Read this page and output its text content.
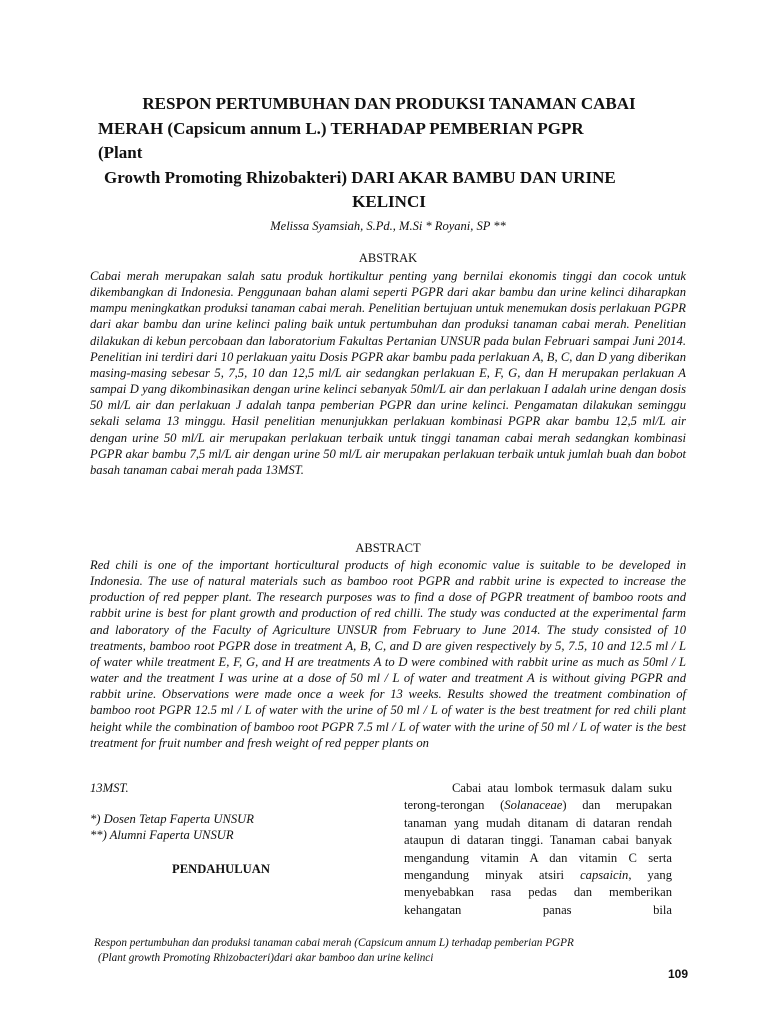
RESPON PERTUMBUHAN DAN PRODUKSI TANAMAN CABAI
MERAH (Capsicum annum L.) TERHADAP PEMBERIAN PGPR
(Plant
Growth Promoting Rhizobakteri) DARI AKAR BAMBU DAN URINE
KELINCI
Melissa Syamsiah, S.Pd., M.Si * Royani, SP **
ABSTRAK

Cabai merah merupakan salah satu produk hortikultur penting yang bernilai ekonomis tinggi dan cocok untuk dikembangkan di Indonesia. Penggunaan bahan alami seperti PGPR dari akar bambu dan urine kelinci diharapkan mampu meningkatkan produksi tanaman cabai merah. Penelitian bertujuan untuk menemukan dosis perlakuan PGPR dari akar bambu dan urine kelinci paling baik untuk pertumbuhan dan produksi tanaman cabai merah. Penelitian dilakukan di kebun percobaan dan laboratorium Fakultas Pertanian UNSUR pada bulan Februari sampai Juni 2014. Penelitian ini terdiri dari 10 perlakuan yaitu Dosis PGPR akar bambu pada perlakuan A, B, C, dan D yang diberikan masing-masing sebesar 5, 7,5, 10 dan 12,5 ml/L air sedangkan perlakuan E, F, G, dan H merupakan perlakuan A sampai D yang dikombinasikan dengan urine kelinci sebanyak 50ml/L air dan perlakuan I adalah urine dengan dosis 50 ml/L air dan perlakuan J adalah tanpa pemberian PGPR dan urine kelinci. Pengamatan dilakukan seminggu sekali selama 13 minggu. Hasil penelitian menunjukkan perlakuan kombinasi PGPR akar bambu 12,5 ml/L air dengan urine 50 ml/L air merupakan perlakuan terbaik untuk tinggi tanaman cabai merah sedangkan kombinasi PGPR akar bambu 7,5 ml/L air dengan urine 50 ml/L air merupakan perlakuan terbaik untuk jumlah buah dan bobot basah tanaman cabai merah pada 13MST.

ABSTRACT

Red chili is one of the important horticultural products of high economic value is suitable to be developed in Indonesia. The use of natural materials such as bamboo root PGPR and rabbit urine is expected to increase the production of red pepper plant. The research purposes was to find a dose of PGPR treatment of bamboo roots and rabbit urine is best for plant growth and production of red chilli. The study was conducted at the experimental farm and laboratory of the Faculty of Agriculture UNSUR from February to June 2014. The study consisted of 10 treatments, bamboo root PGPR dose in treatment A, B, C, and D are given respectively by 5, 7.5, 10 and 12.5 ml / L of water while treatment E, F, G, and H are treatments A to D were combined with rabbit urine as much as 50ml / L water and the treatment I was urine at a dose of 50 ml / L of water and treatment A is without giving PGPR and rabbit urine. Observations were made once a week for 13 weeks. Results showed the treatment combination of bamboo root PGPR 12.5 ml / L of water with the urine of 50 ml / L of water is the best treatment for red chili plant height while the combination of bamboo root PGPR 7.5 ml / L of water with the urine of 50 ml / L of water is the best treatment for fruit number and fresh weight of red pepper plants on

13MST.
*) Dosen Tetap Faperta UNSUR
**) Alumni Faperta UNSUR
PENDAHULUAN

Cabai atau lombok termasuk dalam suku terong-terongan (Solanaceae) dan merupakan tanaman yang mudah ditanam di dataran rendah ataupun di dataran tinggi. Tanaman cabai banyak mengandung vitamin A dan vitamin C serta mengandung minyak atsiri capsaicin, yang menyebabkan rasa pedas dan memberikan kehangatan panas bila

Respon pertumbuhan dan produksi tanaman cabai merah (Capsicum annum L) terhadap pemberian PGPR
(Plant growth Promoting Rhizobacteri)dari akar bamboo dan urine kelinci
109
